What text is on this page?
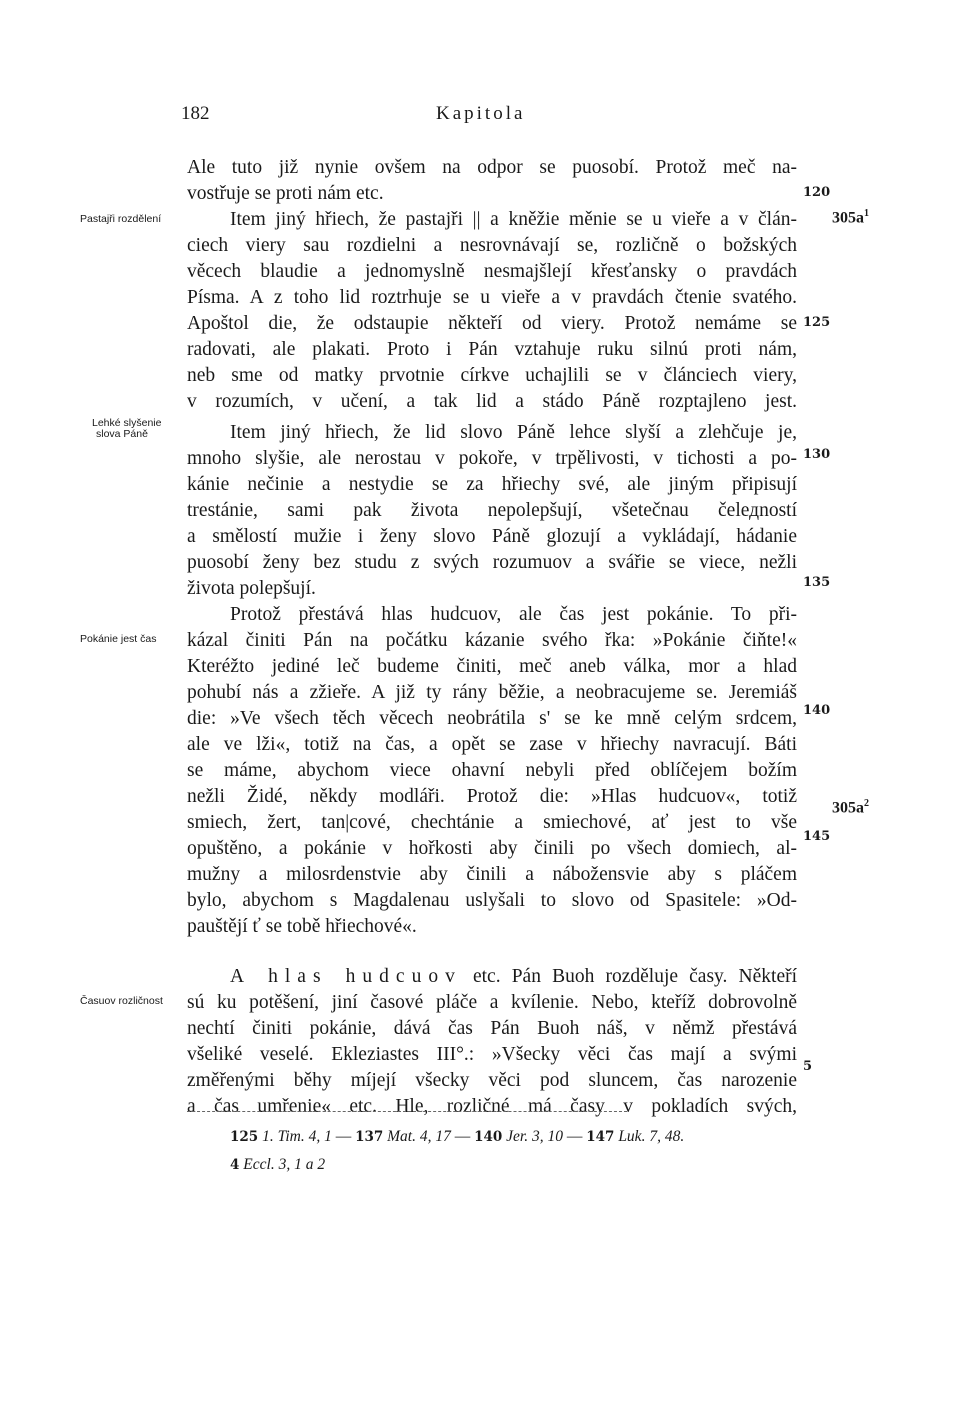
182	Kapitola
Ale tuto již nynie ovšem na odpor se puosobí. Protož meč na-
vostřuje se proti nám etc.
Item jiný hřiech, že pastajři || a kněžie měnie se u vieře a v člán-
ciech viery sau rozdielni a nesrovnávají se, rozličně o božských
věcech blaudie a jednomyslně nesmajšlejí křesťansky o pravdách
Písma. A z toho lid roztrhuje se u vieře a v pravdách čtenie svatého.
Apoštol die, že odstaupie někteří od viery. Protož nemáme se
radovati, ale plakati. Proto i Pán vztahuje ruku silnú proti nám,
neb sme od matky prvotnie církve uchajlili se v článciech viery,
v rozumích, v učení, a tak lid a stádo Páně rozptajleno jest.
Item jiný hřiech, že lid slovo Páně lehce slyší a zlehčuje je,
mnoho slyšie, ale nerostau v pokoře, v trpělivosti, v tichosti a po-
kánie nečinie a nestydie se za hřiechy své, ale jiným připisují
trestánie, sami pak života nepolepšují, všetečnau čelедností
a smělostí mužie i ženy slovo Páně glozují a vykládají, hádanie
puosobí ženy bez studu z svých rozumuov a svářie se viece, nežli
života polepšují.
Protož přestává hlas hudcuov, ale čas jest pokánie. To při-
kázal činiti Pán na počátku kázanie svého řka: »Pokánie čiňte!«
Kteréžto jediné leč budeme činiti, meč aneb válka, mor a hlad
pohubí nás a zžieře. A již ty rány běžie, a neobracujeme se. Jeremiáš
die: »Ve všech těch věcech neobrátila s' se ke mně celým srdcem,
ale ve lži«, totiž na čas, a opět se zase v hřiechy navracují. Báti
se máme, abychom viece ohavní nebyli před oblíčejem božím
nežli Židé, někdy modláři. Protož die: »Hlas hudcuov«, totiž
smiech, žert, tan|cové, chechtánie a smiechové, ať jest to vše
opuštěno, a pokánie v hořkosti aby činili po všech domiech, al-
mužny a milosrdenstvie aby činili a nábožensvie aby s pláčem
bylo, abychom s Magdalenau uslyšali to slovo od Spasitele: »Od-
pauštějí ť se tobě hřiechové«.
A hlas hudcuov etc. Pán Buoh rozděluje časy. Někteří
sú ku potěšení, jiní časové pláče a kvílenie. Nebo, kteříž dobrovolně
nechtí činiti pokánie, dává čas Pán Buoh náš, v němž přestává
všeliké veselé. Ekleziastes III°.: »Všecky věci čas mají a svými
změřenými běhy míjejí všecky věci pod sluncem, čas narozenie
a čas umřenie« etc. Hle, rozličné má časy v pokladích svých,
120
125
130
135
140
145
5
$305a^1$
$305a^2$
Pastajři rozdělení
Lehké slyšenie
slova Páně
Pokánie jest čas
Časuov rozličnost
125 1. Tim. 4, 1 — 137 Mat. 4, 17 — 140 Jer. 3, 10 — 147 Luk. 7, 48.
4 Eccl. 3, 1 a 2
